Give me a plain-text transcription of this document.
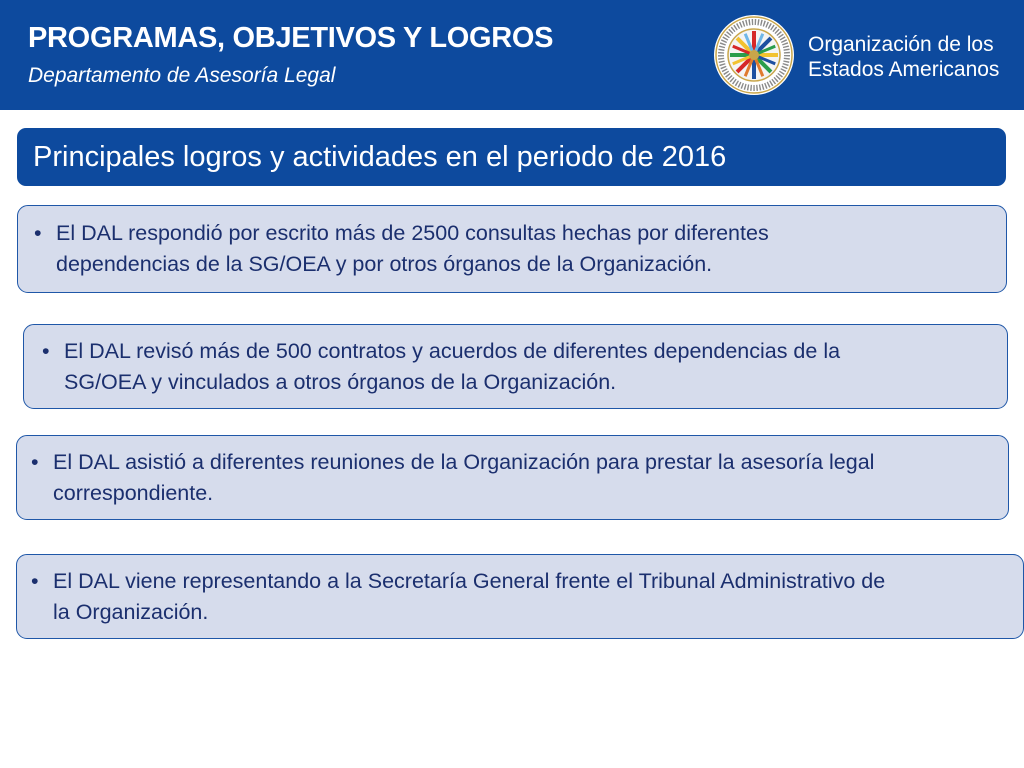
PROGRAMAS, OBJETIVOS Y LOGROS
Departamento de Asesoría Legal
Organización de los
Estados Americanos
Principales logros y actividades en el periodo de 2016
• El DAL respondió por escrito más de 2500 consultas hechas por diferentes
dependencias de la SG/OEA y por otros órganos de la Organización.
• El DAL revisó más de 500 contratos y acuerdos de diferentes dependencias de la
SG/OEA y vinculados a otros órganos de la Organización.
• El DAL asistió a diferentes reuniones de la Organización para prestar la asesoría legal
correspondiente.
• El DAL viene representando a la Secretaría General frente el Tribunal Administrativo de
la Organización.
